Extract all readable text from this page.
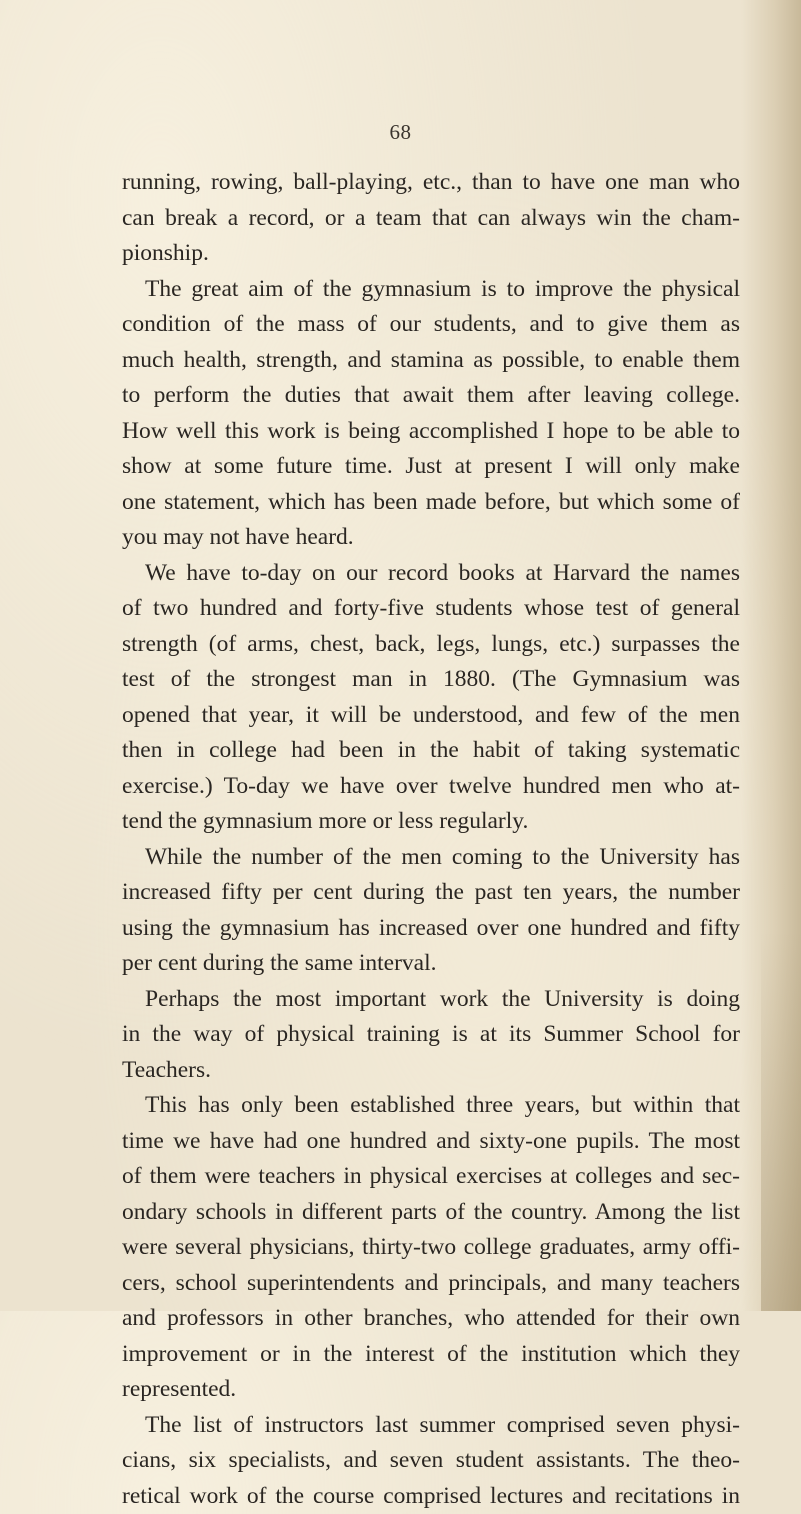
68
running, rowing, ball-playing, etc., than to have one man who
can break a record, or a team that can always win the cham-
pionship.
The great aim of the gymnasium is to improve the physical
condition of the mass of our students, and to give them as
much health, strength, and stamina as possible, to enable them
to perform the duties that await them after leaving college.
How well this work is being accomplished I hope to be able to
show at some future time. Just at present I will only make
one statement, which has been made before, but which some of
you may not have heard.
We have to-day on our record books at Harvard the names
of two hundred and forty-five students whose test of general
strength (of arms, chest, back, legs, lungs, etc.) surpasses the
test of the strongest man in 1880. (The Gymnasium was
opened that year, it will be understood, and few of the men
then in college had been in the habit of taking systematic
exercise.) To-day we have over twelve hundred men who at-
tend the gymnasium more or less regularly.
While the number of the men coming to the University has
increased fifty per cent during the past ten years, the number
using the gymnasium has increased over one hundred and fifty
per cent during the same interval.
Perhaps the most important work the University is doing
in the way of physical training is at its Summer School for
Teachers.
This has only been established three years, but within that
time we have had one hundred and sixty-one pupils. The most
of them were teachers in physical exercises at colleges and sec-
ondary schools in different parts of the country. Among the list
were several physicians, thirty-two college graduates, army offi-
cers, school superintendents and principals, and many teachers
and professors in other branches, who attended for their own
improvement or in the interest of the institution which they
represented.
The list of instructors last summer comprised seven physi-
cians, six specialists, and seven student assistants. The theo-
retical work of the course comprised lectures and recitations in
